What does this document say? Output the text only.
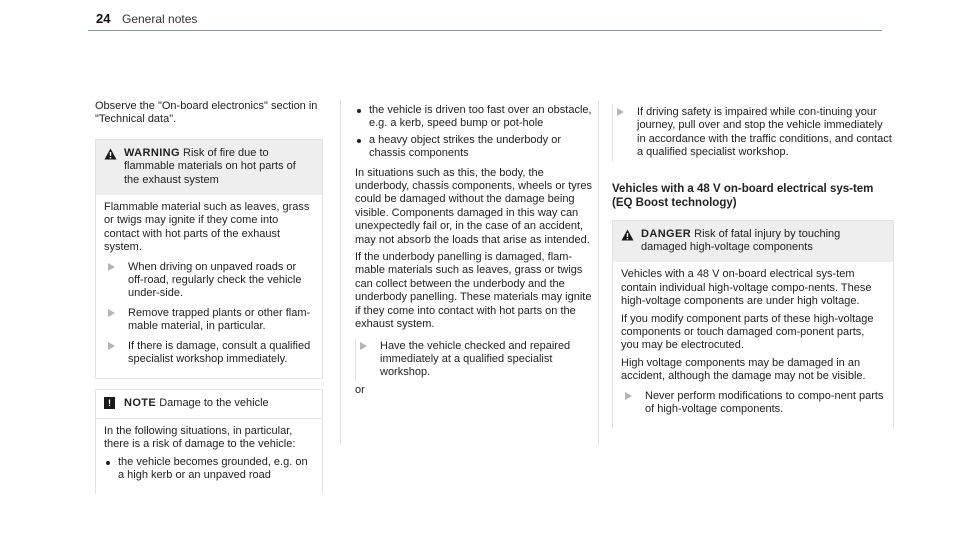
24 General notes

Observe the "On-board electronics" section in "Technical data".

WARNING Risk of fire due to flammable materials on hot parts of the exhaust system

Flammable material such as leaves, grass or twigs may ignite if they come into contact with hot parts of the exhaust system.

When driving on unpaved roads or off-road, regularly check the vehicle under-side.
Remove trapped plants or other flam-mable material, in particular.
If there is damage, consult a qualified specialist workshop immediately.
!	NOTE Damage to the vehicle

In the following situations, in particular, there is a risk of damage to the vehicle:

the vehicle becomes grounded, e.g. on a high kerb or an unpaved road
the vehicle is driven too fast over an obstacle, e.g. a kerb, speed bump or pot-hole
a heavy object strikes the underbody or chassis components

In situations such as this, the body, the underbody, chassis components, wheels or tyres could be damaged without the damage being visible. Components damaged in this way can unexpectedly fail or, in the case of an accident, may not absorb the loads that arise as intended.

If the underbody panelling is damaged, flam-mable materials such as leaves, grass or twigs can collect between the underbody and the underbody panelling. These materials may ignite if they come into contact with hot parts on the exhaust system.

Have the vehicle checked and repaired immediately at a qualified specialist workshop.

or

If driving safety is impaired while con-tinuing your journey, pull over and stop the vehicle immediately in accordance with the traffic conditions, and contact a qualified specialist workshop.
Vehicles with a 48 V on-board electrical sys-tem (EQ Boost technology)
DANGER Risk of fatal injury by touching damaged high-voltage components

Vehicles with a 48 V on-board electrical sys-tem contain individual high-voltage compo-nents. These high-voltage components are under high voltage.

If you modify component parts of these high-voltage components or touch damaged com-ponent parts, you may be electrocuted.

High voltage components may be damaged in an accident, although the damage may not be visible.

Never perform modifications to compo-nent parts of high-voltage components.
